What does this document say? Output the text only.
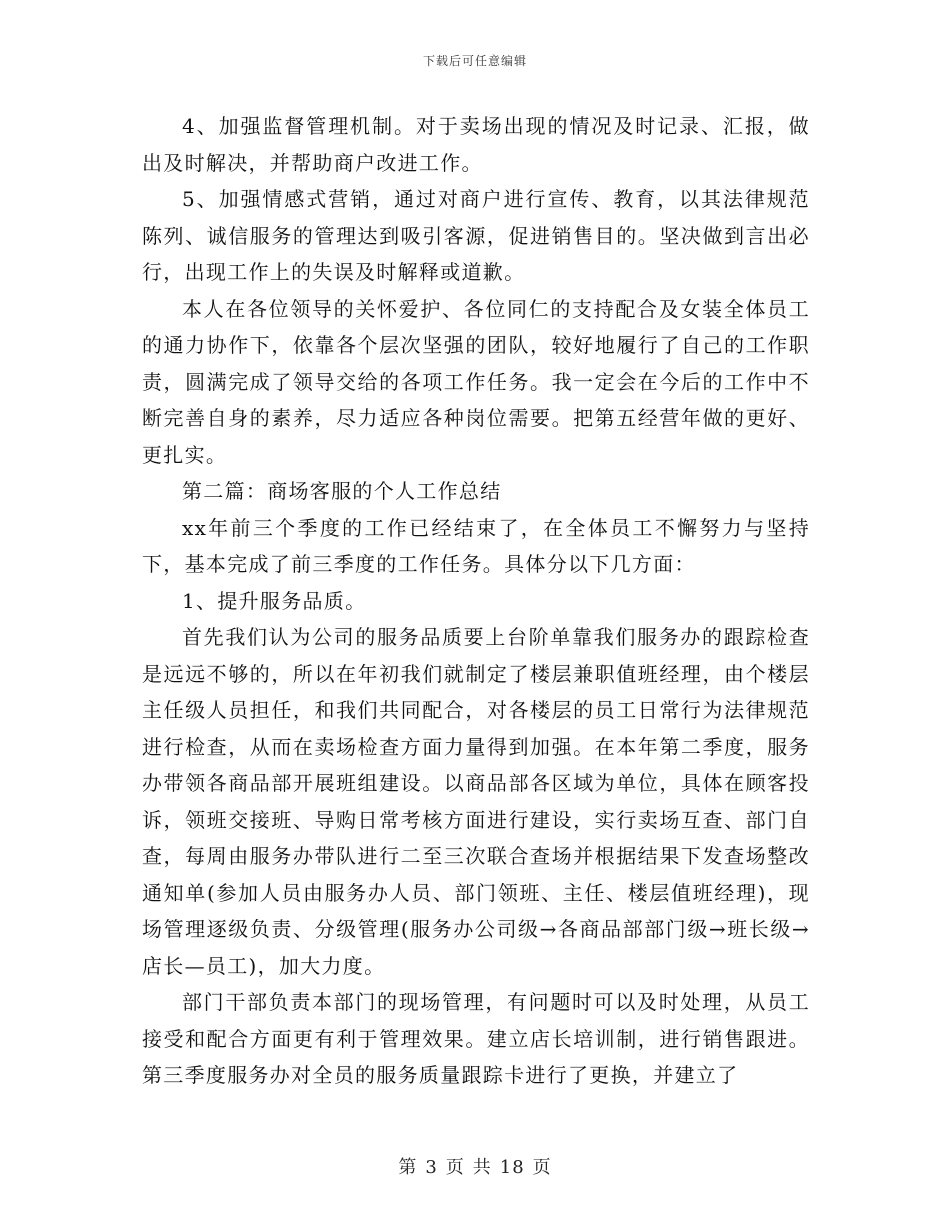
下载后可任意编辑

4、加强监督管理机制。对于卖场出现的情况及时记录、汇报，做出及时解决，并帮助商户改进工作。

5、加强情感式营销，通过对商户进行宣传、教育，以其法律规范陈列、诚信服务的管理达到吸引客源，促进销售目的。坚决做到言出必行，出现工作上的失误及时解释或道歉。

本人在各位领导的关怀爱护、各位同仁的支持配合及女装全体员工的通力协作下，依靠各个层次坚强的团队，较好地履行了自己的工作职责，圆满完成了领导交给的各项工作任务。我一定会在今后的工作中不断完善自身的素养，尽力适应各种岗位需要。把第五经营年做的更好、更扎实。

第二篇：商场客服的个人工作总结

xx年前三个季度的工作已经结束了，在全体员工不懈努力与坚持下，基本完成了前三季度的工作任务。具体分以下几方面：

1、提升服务品质。

首先我们认为公司的服务品质要上台阶单靠我们服务办的跟踪检查是远远不够的，所以在年初我们就制定了楼层兼职值班经理，由个楼层主任级人员担任，和我们共同配合，对各楼层的员工日常行为法律规范进行检查，从而在卖场检查方面力量得到加强。在本年第二季度，服务办带领各商品部开展班组建设。以商品部各区域为单位，具体在顾客投诉，领班交接班、导购日常考核方面进行建设，实行卖场互查、部门自查，每周由服务办带队进行二至三次联合查场并根据结果下发查场整改通知单(参加人员由服务办人员、部门领班、主任、楼层值班经理)，现场管理逐级负责、分级管理(服务办公司级→各商品部部门级→班长级→店长—员工)，加大力度。

部门干部负责本部门的现场管理，有问题时可以及时处理，从员工接受和配合方面更有利于管理效果。建立店长培训制，进行销售跟进。第三季度服务办对全员的服务质量跟踪卡进行了更换，并建立了

第 3 页 共 18 页
